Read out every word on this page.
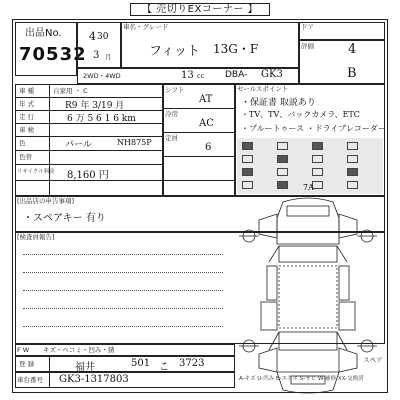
【 売切りEXコーナー 】
出品No.
70532
4 30
3 月
車名・グレード
フィット 13G・F
ドア
4
評価
B
2WD・4WD	13 cc DBA- GK3
車 種	自家用 ・ C
年 式	R9 年 3/19 月
走 行	6 万 5 6 1 6 km
車 検
色	パール	NH875P
色替
リサイクル料金 8,160 円
シフト
AT
冷房
AC
定員
6
セールスポイント
・保証書 取説あり
・TV、TV、バックカメラ、ETC
・ブルートゥース ・ドライブレコーダー
[出品店の申告事項]
・スペアキー 有り
[検査員報告]
7A
スペア
F W キズ・ヘコミ・凹み・錆
登 録	福井	501 こ 3723
車台番号 GK3-1317803	A-キズ U-凹み E-エクボ S-サビ W-補修 XX-交換済
